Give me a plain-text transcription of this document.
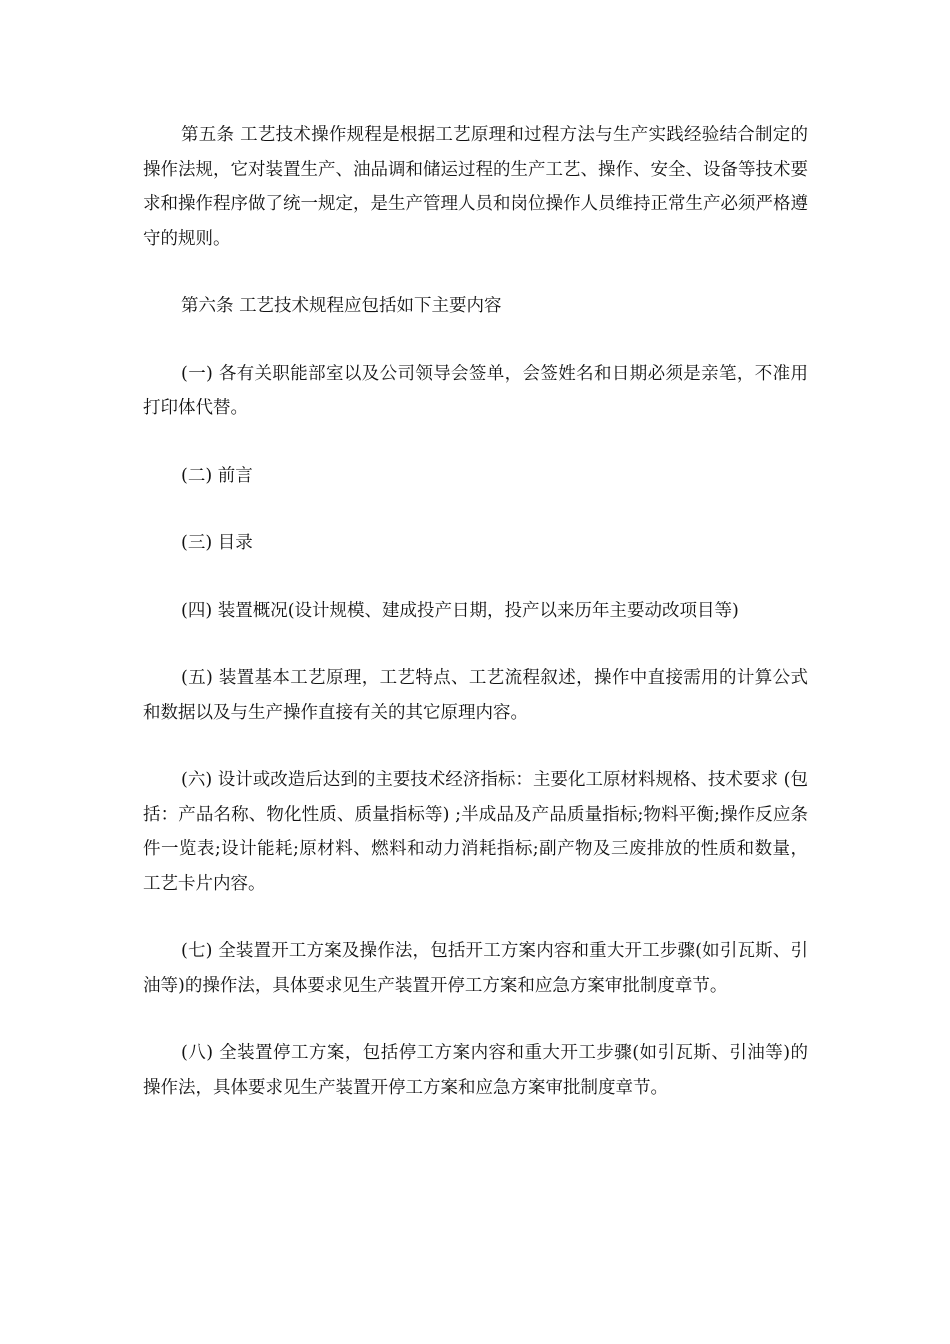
第五条 工艺技术操作规程是根据工艺原理和过程方法与生产实践经验结合制定的操作法规，它对装置生产、油品调和储运过程的生产工艺、操作、安全、设备等技术要求和操作程序做了统一规定，是生产管理人员和岗位操作人员维持正常生产必须严格遵守的规则。

第六条 工艺技术规程应包括如下主要内容

(一) 各有关职能部室以及公司领导会签单，会签姓名和日期必须是亲笔，不准用打印体代替。

(二) 前言

(三) 目录

(四) 装置概况(设计规模、建成投产日期，投产以来历年主要动改项目等)

(五) 装置基本工艺原理，工艺特点、工艺流程叙述，操作中直接需用的计算公式和数据以及与生产操作直接有关的其它原理内容。

(六) 设计或改造后达到的主要技术经济指标：主要化工原材料规格、技术要求 (包括：产品名称、物化性质、质量指标等) ;半成品及产品质量指标;物料平衡;操作反应条件一览表;设计能耗;原材料、燃料和动力消耗指标;副产物及三废排放的性质和数量，工艺卡片内容。

(七) 全装置开工方案及操作法，包括开工方案内容和重大开工步骤(如引瓦斯、引油等)的操作法，具体要求见生产装置开停工方案和应急方案审批制度章节。

(八) 全装置停工方案，包括停工方案内容和重大开工步骤(如引瓦斯、引油等)的操作法，具体要求见生产装置开停工方案和应急方案审批制度章节。
